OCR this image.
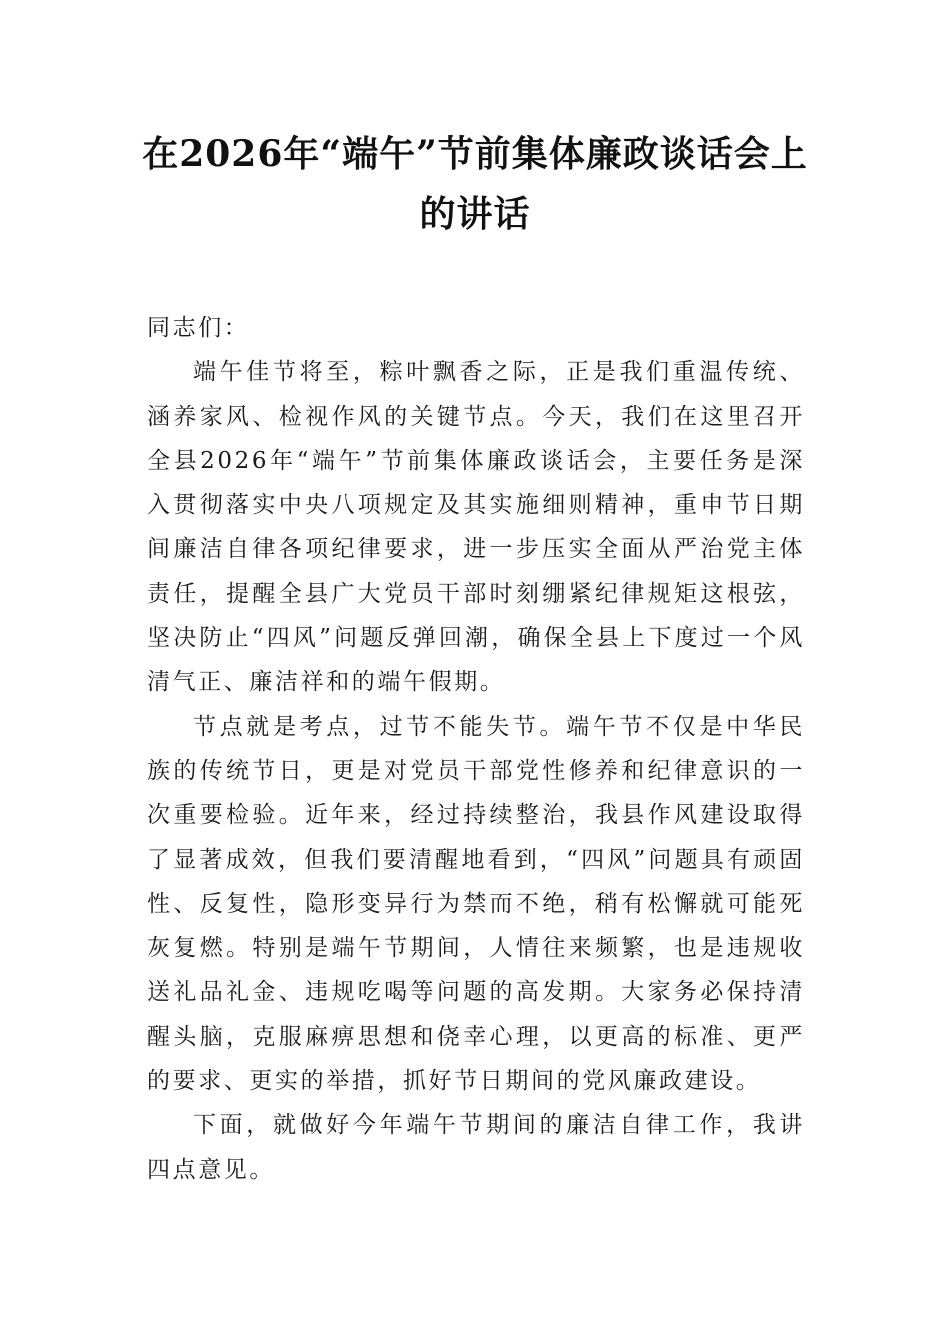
在2026年“端午”节前集体廉政谈话会上
的讲话

同志们：

端午佳节将至，粽叶飘香之际，正是我们重温传统、涵养家风、检视作风的关键节点。今天，我们在这里召开全县2026年“端午”节前集体廉政谈话会，主要任务是深入贯彻落实中央八项规定及其实施细则精神，重申节日期间廉洁自律各项纪律要求，进一步压实全面从严治党主体责任，提醒全县广大党员干部时刻绷紧纪律规矩这根弦，坚决防止“四风”问题反弹回潮，确保全县上下度过一个风清气正、廉洁祥和的端午假期。

节点就是考点，过节不能失节。端午节不仅是中华民族的传统节日，更是对党员干部党性修养和纪律意识的一次重要检验。近年来，经过持续整治，我县作风建设取得了显著成效，但我们要清醒地看到，“四风”问题具有顽固性、反复性，隐形变异行为禁而不绝，稍有松懈就可能死灰复燃。特别是端午节期间，人情往来频繁，也是违规收送礼品礼金、违规吃喝等问题的高发期。大家务必保持清醒头脑，克服麻痹思想和侥幸心理，以更高的标准、更严的要求、更实的举措，抓好节日期间的党风廉政建设。

下面，就做好今年端午节期间的廉洁自律工作，我讲四点意见。
